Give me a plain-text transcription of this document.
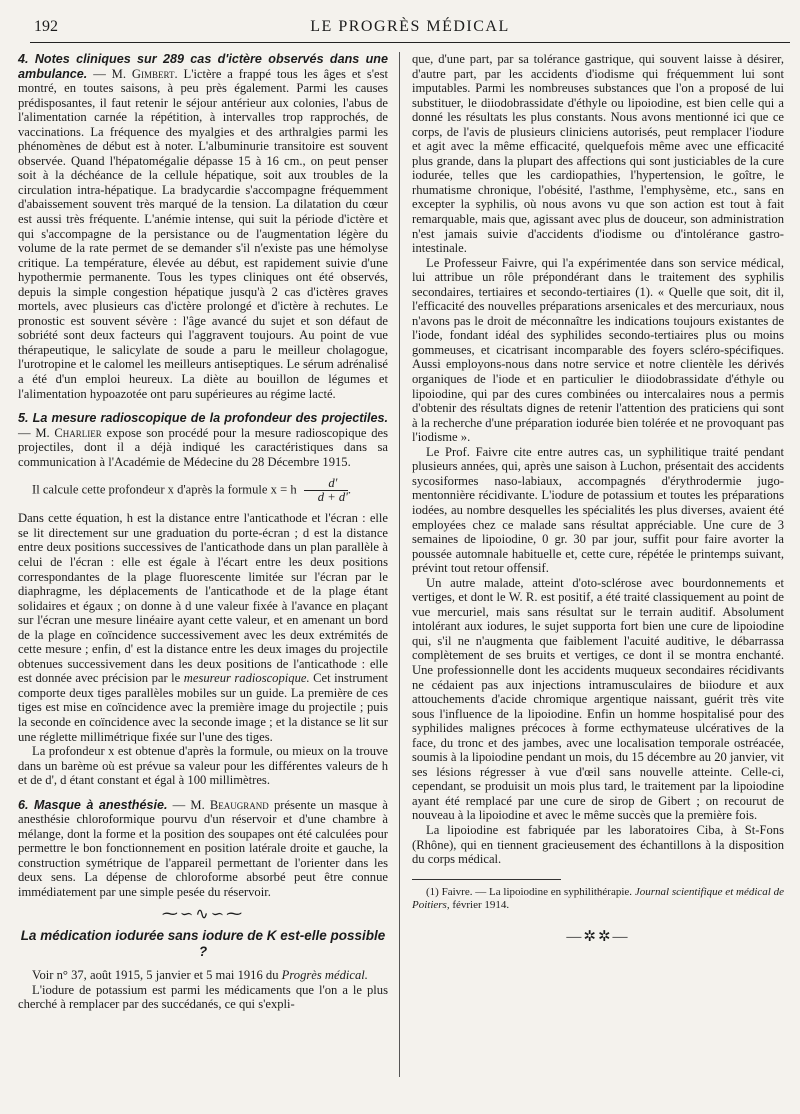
192	LE PROGRÈS MÉDICAL

4. Notes cliniques sur 289 cas d'ictère observés dans une ambulance. — M. Gimbert. L'ictère a frappé tous les âges et s'est montré, en toutes saisons, à peu près également. Parmi les causes prédisposantes, il faut retenir le séjour antérieur aux colonies, l'abus de l'alimentation carnée la répétition, à intervalles trop rapprochés, de vaccinations. La fréquence des myalgies et des arthralgies parmi les phénomènes de début est à noter. L'albuminurie transitoire est souvent observée. Quand l'hépatomégalie dépasse 15 à 16 cm., on peut penser soit à la déchéance de la cellule hépatique, soit aux troubles de la circulation intra-hépatique. La bradycardie s'accompagne fréquemment d'abaissement souvent très marqué de la tension. La dilatation du cœur est aussi très fréquente. L'anémie intense, qui suit la période d'ictère et qui s'accompagne de la persistance ou de l'augmentation légère du volume de la rate permet de se demander s'il n'existe pas une hémolyse critique. La température, élevée au début, est rapidement suivie d'une hypothermie permanente. Tous les types cliniques ont été observés, depuis la simple congestion hépatique jusqu'à 2 cas d'ictères graves mortels, avec plusieurs cas d'ictère prolongé et d'ictère à rechutes. Le pronostic est souvent sévère : l'âge avancé du sujet et son défaut de sobriété sont deux facteurs qui l'aggravent toujours. Au point de vue thérapeutique, le salicylate de soude a paru le meilleur cholagogue, l'urotropine et le calomel les meilleurs antiseptiques. Le sérum adrénalisé a été d'un emploi heureux. La diète au bouillon de légumes et l'alimentation hypoazotée ont paru supérieures au régime lacté.

5. La mesure radioscopique de la profondeur des projectiles. — M. Charlier expose son procédé pour la mesure radioscopique des projectiles, dont il a déjà indiqué les caractéristiques dans sa communication à l'Académie de Médecine du 28 Décembre 1915.

Il calcule cette profondeur x d'après la formule x = h $\frac{d'}{d + d'}$ .

Dans cette équation, h est la distance entre l'anticathode et l'écran : elle se lit directement sur une graduation du porte-écran ; d est la distance entre deux positions successives de l'anticathode dans un plan parallèle à celui de l'écran : elle est égale à l'écart entre les deux positions correspondantes de la plage fluorescente limitée sur l'écran par le diaphragme, les déplacements de l'anticathode et de la plage étant solidaires et égaux ; on donne à d une valeur fixée à l'avance en plaçant sur l'écran une mesure linéaire ayant cette valeur, et en amenant un bord de la plage en coïncidence successivement avec les deux extrémités de cette mesure ; enfin, d' est la distance entre les deux images du projectile obtenues successivement dans les deux positions de l'anticathode : elle est donnée avec précision par le mesureur radioscopique. Cet instrument comporte deux tiges parallèles mobiles sur un guide. La première de ces tiges est mise en coïncidence avec la première image du projectile ; puis la seconde en coïncidence avec la seconde image ; et la distance se lit sur une réglette millimétrique fixée sur l'une des tiges.

La profondeur x est obtenue d'après la formule, ou mieux on la trouve dans un barème où est prévue sa valeur pour les différentes valeurs de h et de d', d étant constant et égal à 100 millimètres.

6. Masque à anesthésie. — M. Beaugrand présente un masque à anesthésie chloroformique pourvu d'un réservoir et d'une chambre à mélange, dont la forme et la position des soupapes ont été calculées pour permettre le bon fonctionnement en position latérale droite et gauche, la construction symétrique de l'appareil permettant de l'orienter dans les deux sens. La dépense de chloroforme absorbé peut être connue immédiatement par une simple pesée du réservoir.

⁓∽∿∽⁓
La médication iodurée sans iodure de K est-elle possible ?

Voir n° 37, août 1915, 5 janvier et 5 mai 1916 du Progrès médical.

L'iodure de potassium est parmi les médicaments que l'on a le plus cherché à remplacer par des succédanés, ce qui s'expli-

que, d'une part, par sa tolérance gastrique, qui souvent laisse à désirer, d'autre part, par les accidents d'iodisme qui fréquemment lui sont imputables. Parmi les nombreuses substances que l'on a proposé de lui substituer, le diiodobrassidate d'éthyle ou lipoiodine, est bien celle qui a donné les résultats les plus constants. Nous avons mentionné ici que ce corps, de l'avis de plusieurs cliniciens autorisés, peut remplacer l'iodure et agit avec la même efficacité, quelquefois même avec une efficacité plus grande, dans la plupart des affections qui sont justiciables de la cure iodurée, telles que les cardiopathies, l'hypertension, le goître, le rhumatisme chronique, l'obésité, l'asthme, l'emphysème, etc., sans en excepter la syphilis, où nous avons vu que son action est tout à fait remarquable, mais que, agissant avec plus de douceur, son administration n'est jamais suivie d'accidents d'iodisme ou d'intolérance gastro-intestinale.

Le Professeur Faivre, qui l'a expérimentée dans son service médical, lui attribue un rôle prépondérant dans le traitement des syphilis secondaires, tertiaires et secondo-tertiaires (1). « Quelle que soit, dit il, l'efficacité des nouvelles préparations arsenicales et des mercuriaux, nous n'avons pas le droit de méconnaître les indications toujours existantes de l'iode, fondant idéal des syphilides secondo-tertiaires plus ou moins gommeuses, et cicatrisant incomparable des foyers scléro-spécifiques. Aussi employons-nous dans notre service et notre clientèle les dérivés organiques de l'iode et en particulier le diiodobrassidate d'éthyle ou lipoiodine, qui par des cures combinées ou intercalaires nous a permis d'obtenir des résultats dignes de retenir l'attention des praticiens qui sont à la recherche d'une préparation iodurée bien tolérée et ne provoquant pas l'iodisme ».

Le Prof. Faivre cite entre autres cas, un syphilitique traité pendant plusieurs années, qui, après une saison à Luchon, présentait des accidents sycosiformes naso-labiaux, accompagnés d'érythrodermie jugo-mentonnière récidivante. L'iodure de potassium et toutes les préparations iodées, au nombre desquelles les spécialités les plus diverses, avaient été employées chez ce malade sans résultat appréciable. Une cure de 3 semaines de lipoiodine, 0 gr. 30 par jour, suffit pour faire avorter la poussée automnale habituelle et, cette cure, répétée le printemps suivant, prévint tout retour offensif.

Un autre malade, atteint d'oto-sclérose avec bourdonnements et vertiges, et dont le W. R. est positif, a été traité classiquement au point de vue mercuriel, mais sans résultat sur le terrain auditif. Absolument intolérant aux iodures, le sujet supporta fort bien une cure de lipoiodine qui, s'il ne n'augmenta que faiblement l'acuité auditive, le débarrassa complètement de ses bruits et vertiges, ce dont il se montra enchanté. Une professionnelle dont les accidents muqueux secondaires récidivants ne cédaient pas aux injections intramusculaires de biiodure et aux attouchements d'acide chromique argentique naissant, guérit très vite sous l'influence de la lipoiodine. Enfin un homme hospitalisé pour des syphilides malignes précoces à forme ecthymateuse ulcératives de la face, du tronc et des jambes, avec une localisation temporale ostréacée, soumis à la lipoiodine pendant un mois, du 15 décembre au 20 janvier, vit ses lésions régresser à vue d'œil sans nouvelle atteinte. Celle-ci, cependant, se produisit un mois plus tard, le traitement par la lipoiodine ayant été remplacé par une cure de sirop de Gibert ; on recourut de nouveau à la lipoiodine et avec le même succès que la première fois.

La lipoiodine est fabriquée par les laboratoires Ciba, à St-Fons (Rhône), qui en tiennent gracieusement des échantillons à la disposition du corps médical.

(1) Faivre. — La lipoiodine en syphilithérapie. Journal scientifique et médical de Poitiers, février 1914.

—✲✲—
